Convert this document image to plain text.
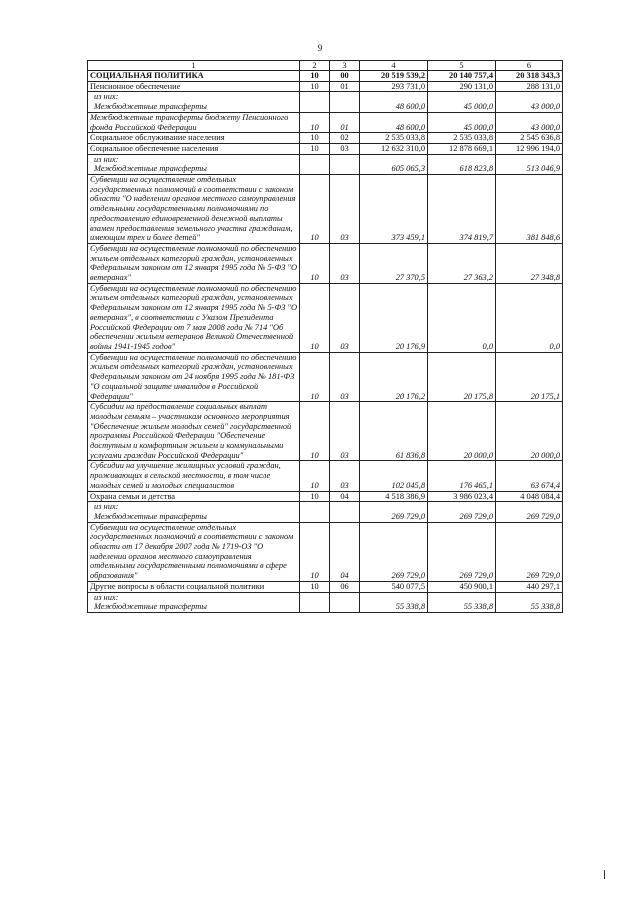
9
1	2	3	4	5	6
СОЦИАЛЬНАЯ ПОЛИТИКА	10	00	20 519 539,2	20 140 757,4	20 318 343,3
Пенсионное обеспечение	10	01	293 731,0	290 131,0	288 131,0

из них:
Межбюджетные трансферты			48 600,0	45 000,0	43 000,0
Межбюджетные трансферты бюджету Пенсионного фонда Российской Федерации	10	01	48 600,0	45 000,0	43 000,0
Социальное обслуживание населения	10	02	2 535 033,8	2 535 033,8	2 545 636,8
Социальное обеспечение населения	10	03	12 632 310,0	12 878 669,1	12 996 194,0

из них:
Межбюджетные трансферты			605 065,3	618 823,8	513 046,9
Субвенции на осуществление отдельных государственных полномочий в соответствии с законом области "О наделении органов местного самоуправления отдельными государственными полномочиями по предоставлению единовременной денежной выплаты взамен предоставления земельного участка гражданам, имеющим трех и более детей"	10	03	373 459,1	374 819,7	381 848,6
Субвенции на осуществление полномочий по обеспечению жильем отдельных категорий граждан, установленных Федеральным законом от 12 января 1995 года № 5-ФЗ "О ветеранах"	10	03	27 370,5	27 363,2	27 348,8
Субвенции на осуществление полномочий по обеспечению жильем отдельных категорий граждан, установленных Федеральным законом от 12 января 1995 года № 5-ФЗ "О ветеранах", в соответствии с Указом Президента Российской Федерации от 7 мая 2008 года № 714 "Об обеспечении жильем ветеранов Великой Отечественной войны 1941-1945 годов"	10	03	20 176,9	0,0	0,0
Субвенции на осуществление полномочий по обеспечению жильем отдельных категорий граждан, установленных Федеральным законом от 24 ноября 1995 года № 181-ФЗ "О социальной защите инвалидов в Российской Федерации"	10	03	20 176,2	20 175,8	20 175,1
Субсидии на предоставление социальных выплат молодым семьям – участникам основного мероприятия "Обеспечение жильем молодых семей" государственной программы Российской Федерации "Обеспечение доступным и комфортным жильем и коммунальными услугами граждан Российской Федерации"	10	03	61 836,8	20 000,0	20 000,0
Субсидии на улучшение жилищных условий граждан, проживающих в сельской местности, в том числе молодых семей и молодых специалистов	10	03	102 045,8	176 465,1	63 674,4
Охрана семьи и детства	10	04	4 518 386,9	3 986 023,4	4 048 084,4

из них:
Межбюджетные трансферты			269 729,0	269 729,0	269 729,0
Субвенции на осуществление отдельных государственных полномочий в соответствии с законом области от 17 декабря 2007 года № 1719-ОЗ "О наделении органов местного самоуправления отдельными государственными полномочиями в сфере образования"	10	04	269 729,0	269 729,0	269 729,0
Другие вопросы в области социальной политики	10	06	540 077,5	450 900,1	440 297,1

из них:
Межбюджетные трансферты			55 338,8	55 338,8	55 338,8
